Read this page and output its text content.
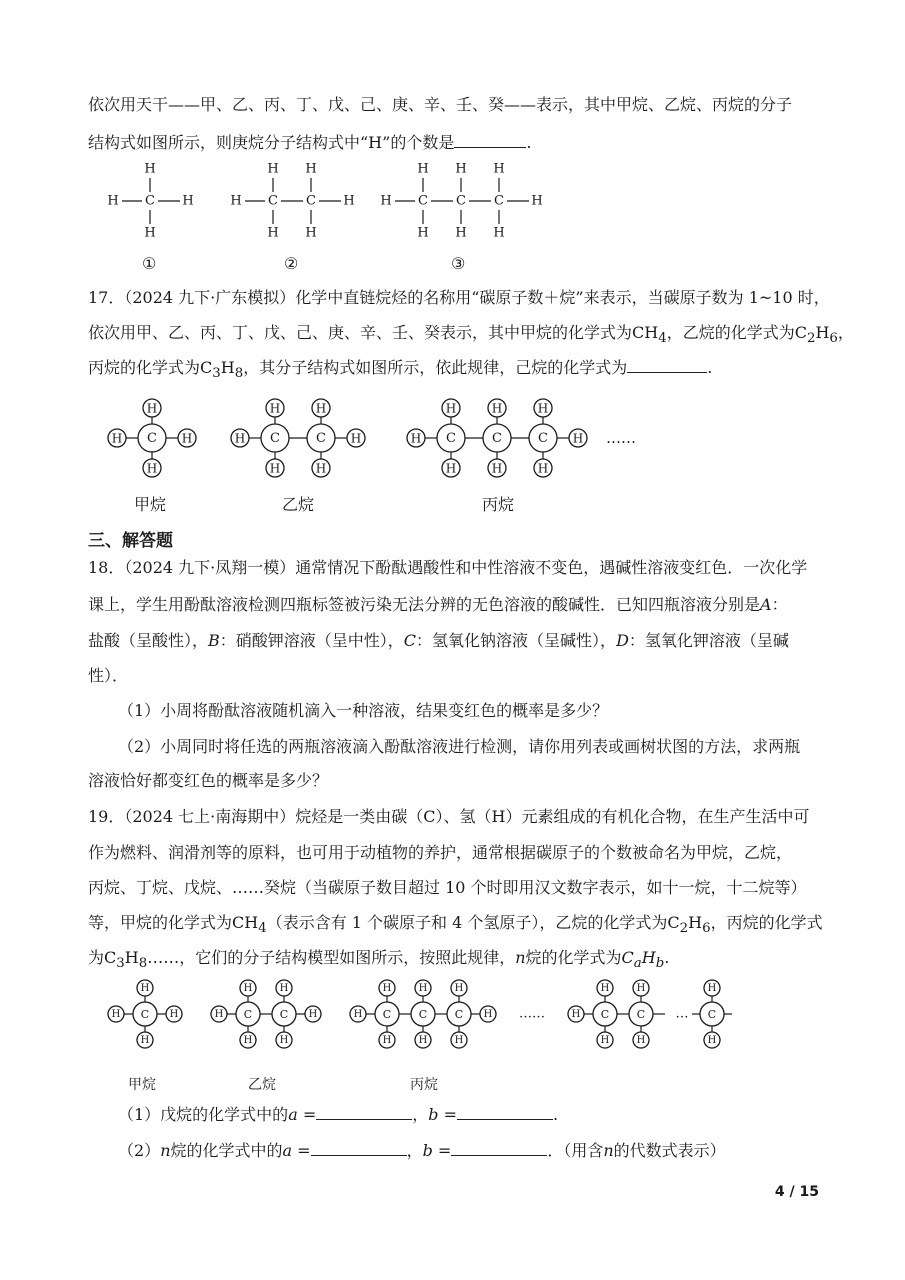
依次用天干——甲、乙、丙、丁、戊、己、庚、辛、壬、癸——表示，其中甲烷、乙烷、丙烷的分子
结构式如图所示，则庚烷分子结构式中“H”的个数是	.
H C
H
H
H	H C
H
H
C
H
H
H H C
H
H
C
H
H
C
H
H
H
①	②	③
17．（2024 九下·广东模拟）化学中直链烷烃的名称用“碳原子数＋烷”来表示，当碳原子数为 1~10 时，
依次用甲、乙、丙、丁、戊、己、庚、辛、壬、癸表示，其中甲烷的化学式为$CH_4$，乙烷的化学式为$C_2H_6$，
丙烷的化学式为$C_3H_8$，其分子结构式如图所示，依此规律，己烷的化学式为	.
H
H
H
C H	H
H
H
C
H
H
C H	H
H
H
C
H
H
C
H
H
C H ……
甲烷	乙烷	丙烷
三、解答题
18．（2024 九下·凤翔一模）通常情况下酚酞遇酸性和中性溶液不变色，遇碱性溶液变红色．一次化学
课上，学生用酚酞溶液检测四瓶标签被污染无法分辨的无色溶液的酸碱性．已知四瓶溶液分别是A：
盐酸（呈酸性），B：硝酸钾溶液（呈中性），C：氢氧化钠溶液（呈碱性），D：氢氧化钾溶液（呈碱
性）．
（1）小周将酚酞溶液随机滴入一种溶液，结果变红色的概率是多少？
（2）小周同时将任选的两瓶溶液滴入酚酞溶液进行检测，请你用列表或画树状图的方法，求两瓶
溶液恰好都变红色的概率是多少？
19．（2024 七上·南海期中）烷烃是一类由碳（C）、氢（H）元素组成的有机化合物，在生产生活中可
作为燃料、润滑剂等的原料，也可用于动植物的养护，通常根据碳原子的个数被命名为甲烷，乙烷，
丙烷、丁烷、戊烷、……癸烷（当碳原子数目超过 10 个时即用汉文数字表示，如十一烷，十二烷等）
等，甲烷的化学式为$CH_4$（表示含有 1 个碳原子和 4 个氢原子），乙烷的化学式为$C_2H_6$，丙烷的化学式
为$C_3H_8\dots\dots$，它们的分子结构模型如图所示，按照此规律，n烷的化学式为$C_aH_b$.
H
H
H
C H	H
H
H
C
H
H
C H	H
H
H
C
H
H
C
H
H
C H	H
H
H
C
H
H
C
……	…
H
H
C
甲烷	乙烷	丙烷
（1）戊烷的化学式中的a =	，b =	.
（2）n烷的化学式中的a =	，b =	．（用含n的代数式表示）
4 / 15
